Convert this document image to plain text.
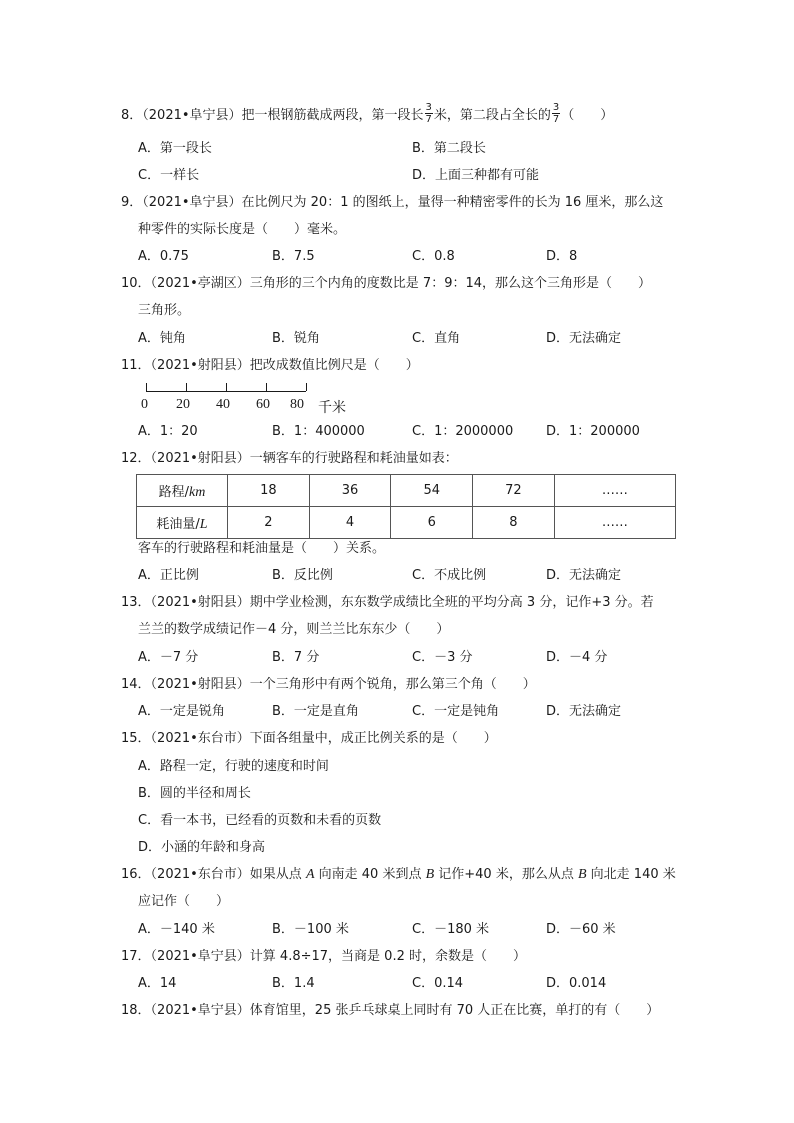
8．（2021•阜宁县）把一根钢筋截成两段，第一段长 $\frac{3}{7}$ 米，第二段占全长的 $\frac{3}{7}$ （　　）
A．第一段长	B．第二段长
C．一样长	D．上面三种都有可能
9．（2021•阜宁县）在比例尺为 20：1 的图纸上，量得一种精密零件的长为 16 厘米，那么这
种零件的实际长度是（　　）毫米。
A．0.75	B．7.5	C．0.8	D．8
10．（2021•亭湖区）三角形的三个内角的度数比是 7：9：14，那么这个三角形是（　　）
三角形。
A．钝角	B．锐角	C．直角	D．无法确定
11．（2021•射阳县）把改成数值比例尺是（　　）
0 20 40 60 80 千米
A．1：20	B．1：400000	C．1：2000000	D．1：200000
12．（2021•射阳县）一辆客车的行驶路程和耗油量如表：
路程/km	18	36	54	72	……
耗油量/L	2	4	6	8	……
客车的行驶路程和耗油量是（　　）关系。
A．正比例	B．反比例	C．不成比例	D．无法确定
13．（2021•射阳县）期中学业检测，东东数学成绩比全班的平均分高 3 分，记作+3 分。若
兰兰的数学成绩记作－4 分，则兰兰比东东少（　　）
A．－7 分	B．7 分	C．－3 分	D．－4 分
14．（2021•射阳县）一个三角形中有两个锐角，那么第三个角（　　）
A．一定是锐角	B．一定是直角	C．一定是钝角	D．无法确定
15．（2021•东台市）下面各组量中，成正比例关系的是（　　）
A．路程一定，行驶的速度和时间
B．圆的半径和周长
C．看一本书，已经看的页数和未看的页数
D．小涵的年龄和身高
16．（2021•东台市）如果从点 A 向南走 40 米到点 B 记作+40 米，那么从点 B 向北走 140 米
应记作（　　）
A．－140 米	B．－100 米	C．－180 米	D．－60 米
17．（2021•阜宁县）计算 4.8÷17，当商是 0.2 时，余数是（　　）
A．14	B．1.4	C．0.14	D．0.014
18．（2021•阜宁县）体育馆里，25 张乒乓球桌上同时有 70 人正在比赛，单打的有（　　）
